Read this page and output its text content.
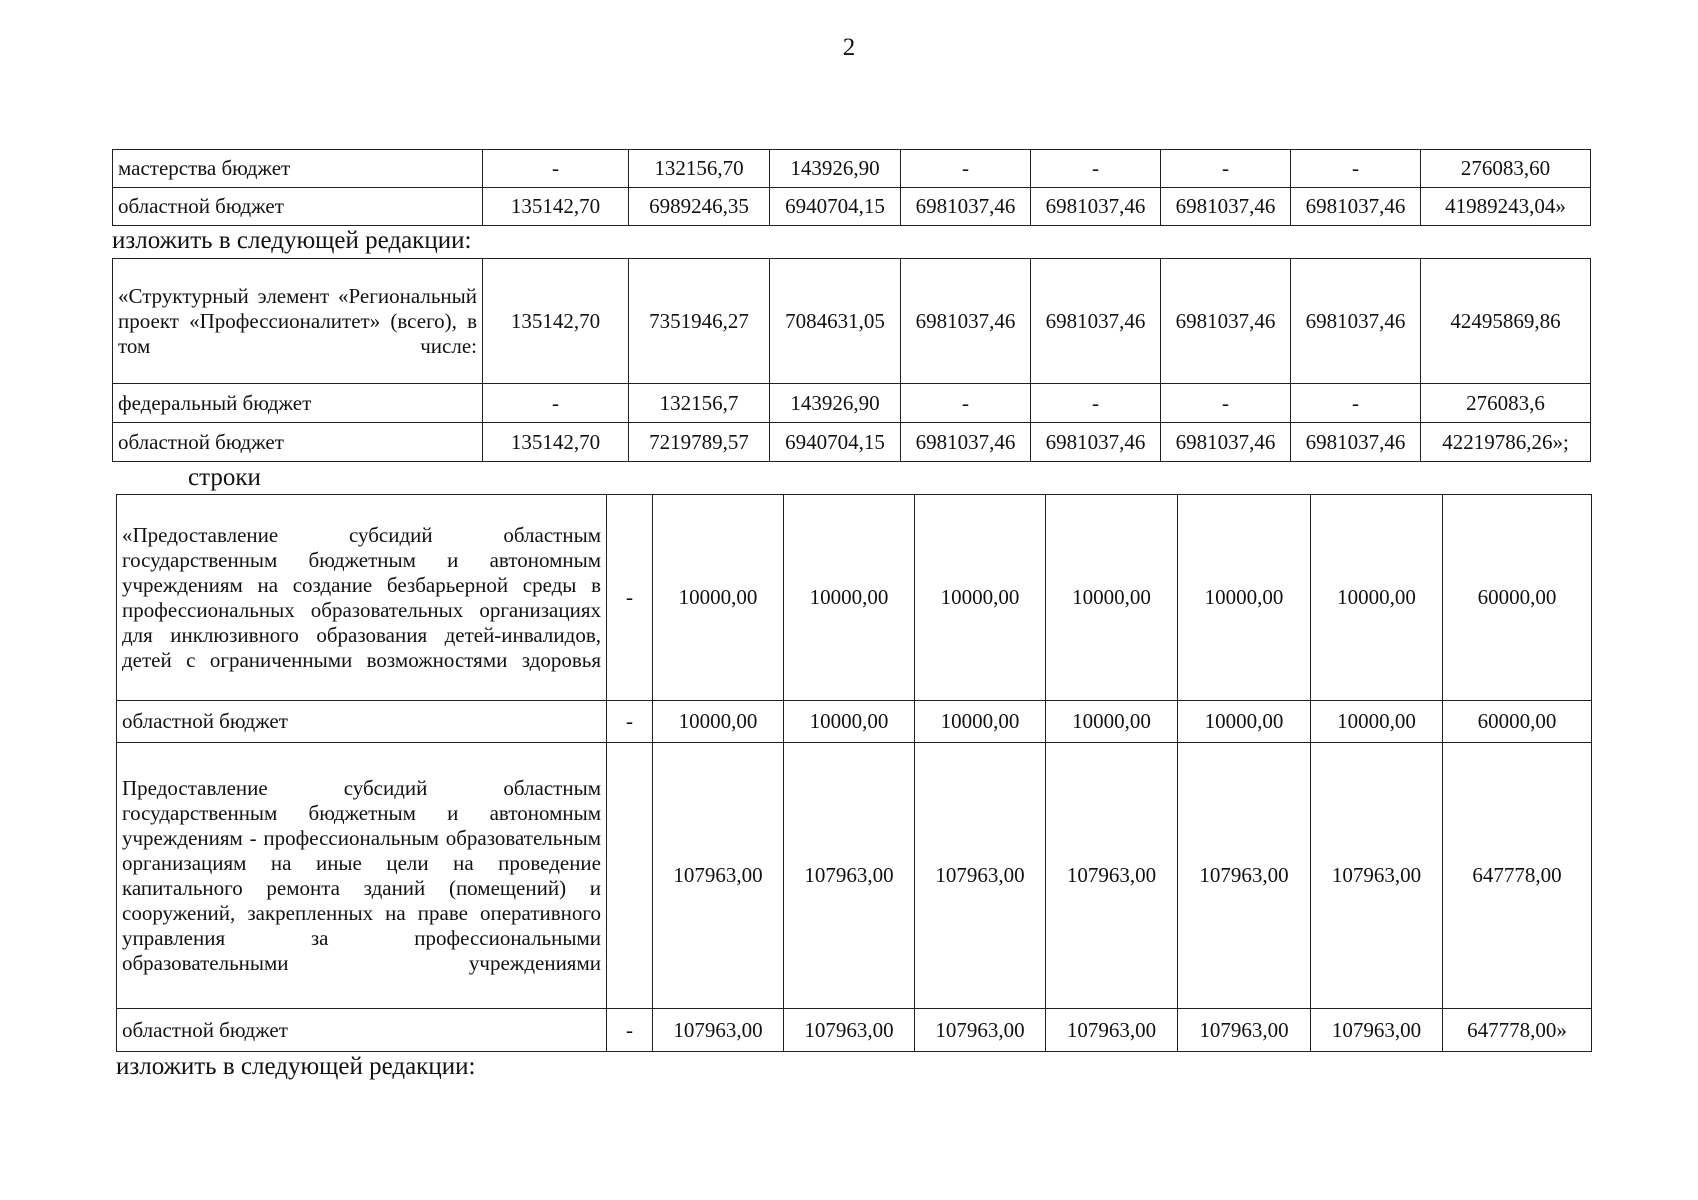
2
мастерства бюджет	-	132156,70	143926,90	-	-	-	-	276083,60
областной бюджет	135142,70	6989246,35	6940704,15	6981037,46	6981037,46	6981037,46	6981037,46	41989243,04»
изложить в следующей редакции:
«Структурный элемент «Региональный проект «Профессионалитет» (всего), в том числе:	135142,70	7351946,27	7084631,05	6981037,46	6981037,46	6981037,46	6981037,46	42495869,86
федеральный бюджет	-	132156,7	143926,90	-	-	-	-	276083,6
областной бюджет	135142,70	7219789,57	6940704,15	6981037,46	6981037,46	6981037,46	6981037,46	42219786,26»;
строки
«Предоставление субсидий областным государственным бюджетным и автономным учреждениям на создание безбарьерной среды в профессиональных образовательных организациях для инклюзивного образования детей-инвалидов, детей с ограниченными возможностями здоровья	-	10000,00	10000,00	10000,00	10000,00	10000,00	10000,00	60000,00
областной бюджет	-	10000,00	10000,00	10000,00	10000,00	10000,00	10000,00	60000,00
Предоставление субсидий областным государственным бюджетным и автономным учреждениям - профессиональным образовательным организациям на иные цели на проведение капитального ремонта зданий (помещений) и сооружений, закрепленных на праве оперативного управления за профессиональными образовательными учреждениями		107963,00	107963,00	107963,00	107963,00	107963,00	107963,00	647778,00
областной бюджет	-	107963,00	107963,00	107963,00	107963,00	107963,00	107963,00	647778,00»
изложить в следующей редакции:
